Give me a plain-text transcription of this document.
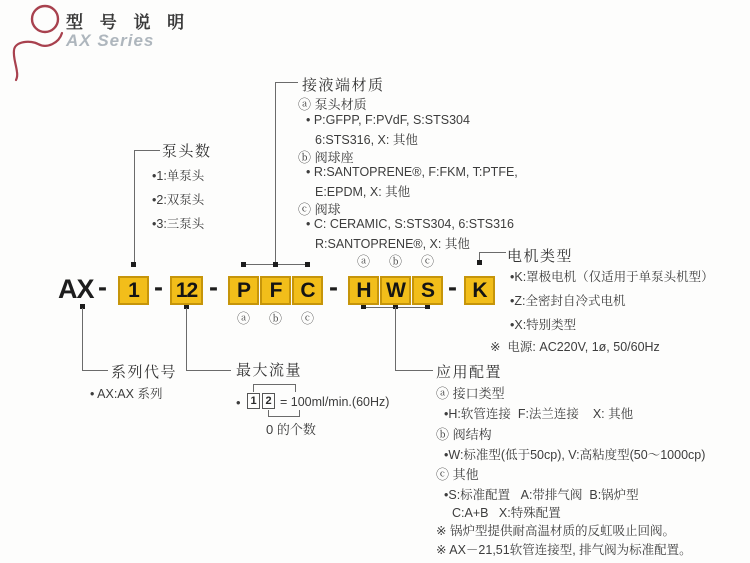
型 号 说 明
AX Series
AX -	1 - 12 - P F C - H W S - K
ⓐ ⓑ ⓒ
ⓐ ⓑ ⓒ
泵头数
•1:单泵头
•2:双泵头
•3:三泵头
接液端材质
ⓐ 泵头材质
• P:GFPP, F:PVdF, S:STS304
6:STS316, X: 其他
ⓑ 阀球座
• R:SANTOPRENE®, F:FKM, T:PTFE,
E:EPDM, X: 其他
ⓒ 阀球
• C: CERAMIC, S:STS304, 6:STS316
R:SANTOPRENE®, X: 其他
电机类型
•K:罩极电机（仅适用于单泵头机型）
•Z:全密封自冷式电机
•X:特别类型
※  电源: AC220V, 1ø, 50/60Hz
系列代号
• AX:AX 系列
最大流量
• 1 2 = 100ml/min.(60Hz)
0 的个数
应用配置
ⓐ 接口类型
•H:软管连接  F:法兰连接    X: 其他
ⓑ 阀结构
•W:标准型(低于50cp), V:高粘度型(50～1000cp)
ⓒ 其他
•S:标准配置   A:带排气阀  B:锅炉型
C:A+B   X:特殊配置
※ 锅炉型提供耐高温材质的反虹吸止回阀。
※ AX－21,51软管连接型, 排气阀为标准配置。
